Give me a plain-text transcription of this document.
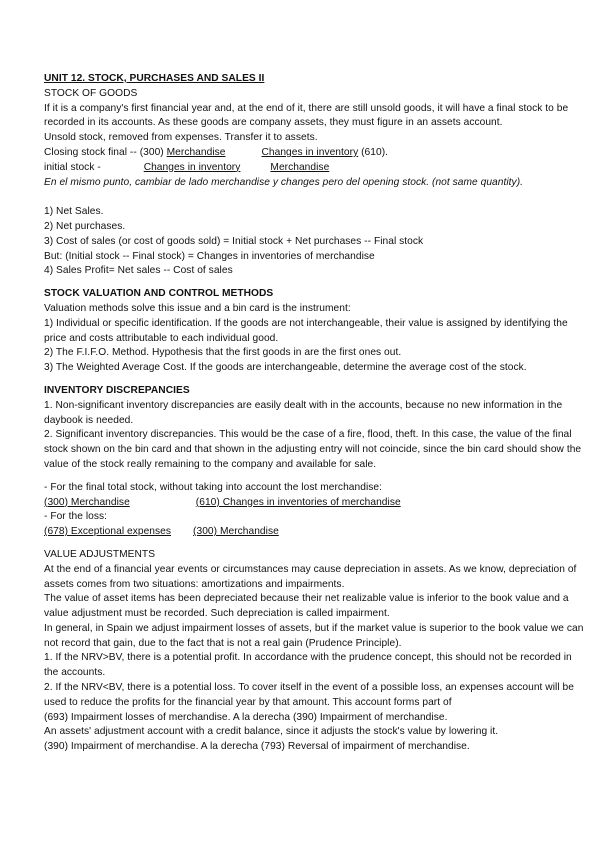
UNIT 12. STOCK, PURCHASES AND SALES II
STOCK OF GOODS
If it is a company's first financial year and, at the end of it, there are still unsold goods, it will have a final stock to be recorded in its accounts. As these goods are company assets, they must figure in an assets account.
Unsold stock, removed from expenses. Transfer it to assets.
Closing stock final -- (300) Merchandise	Changes in inventory (610).
initial stock -	Changes in inventory	Merchandise
En el mismo punto, cambiar de lado merchandise y changes pero del opening stock. (not same quantity).
1) Net Sales.
2) Net purchases.
3) Cost of sales (or cost of goods sold) = Initial stock + Net purchases -- Final stock
But: (Initial stock -- Final stock) = Changes in inventories of merchandise
4) Sales Profit= Net sales -- Cost of sales
STOCK VALUATION AND CONTROL METHODS
Valuation methods solve this issue and a bin card is the instrument:
1) Individual or specific identification. If the goods are not interchangeable, their value is assigned by identifying the price and costs attributable to each individual good.
2) The F.I.F.O. Method. Hypothesis that the first goods in are the first ones out.
3) The Weighted Average Cost. If the goods are interchangeable, determine the average cost of the stock.
INVENTORY DISCREPANCIES
1. Non-significant inventory discrepancies are easily dealt with in the accounts, because no new information in the daybook is needed.
2. Significant inventory discrepancies. This would be the case of a fire, flood, theft. In this case, the value of the final stock shown on the bin card and that shown in the adjusting entry will not coincide, since the bin card should show the value of the stock really remaining to the company and available for sale.
- For the final total stock, without taking into account the lost merchandise:
(300) Merchandise	(610) Changes in inventories of merchandise
- For the loss:
(678) Exceptional expenses (300) Merchandise
VALUE ADJUSTMENTS
At the end of a financial year events or circumstances may cause depreciation in assets. As we know, depreciation of assets comes from two situations: amortizations and impairments.
The value of asset items has been depreciated because their net realizable value is inferior to the book value and a value adjustment must be recorded. Such depreciation is called impairment.
In general, in Spain we adjust impairment losses of assets, but if the market value is superior to the book value we can not record that gain, due to the fact that is not a real gain (Prudence Principle).
1. If the NRV>BV, there is a potential profit. In accordance with the prudence concept, this should not be recorded in the accounts.
2. If the NRV<BV, there is a potential loss. To cover itself in the event of a possible loss, an expenses account will be used to reduce the profits for the financial year by that amount. This account forms part of
(693) Impairment losses of merchandise. A la derecha (390) Impairment of merchandise.
An assets' adjustment account with a credit balance, since it adjusts the stock's value by lowering it.
(390) Impairment of merchandise. A la derecha (793) Reversal of impairment of merchandise.
